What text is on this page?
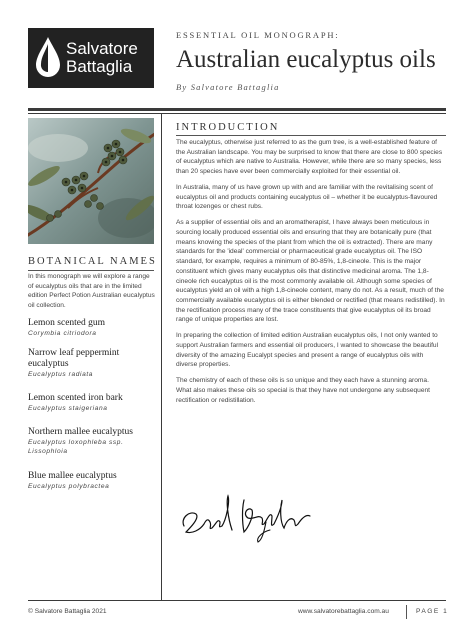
Salvatore
Battaglia
ESSENTIAL OIL MONOGRAPH:
Australian eucalyptus oils
By Salvatore Battaglia
BOTANICAL NAMES
In this monograph we will explore a range of eucalyptus oils that are in the limited edition Perfect Potion Australian eucalyptus oil collection.
Lemon scented gum
Corymbia citriodora
Narrow leaf peppermint eucalyptus
Eucalyptus radiata
Lemon scented iron bark
Eucalyptus staigeriana
Northern mallee eucalyptus
Eucalyptus loxophleba ssp. Lissophloia
Blue mallee eucalyptus
Eucalyptus polybractea
INTRODUCTION

The eucalyptus, otherwise just referred to as the gum tree, is a well-established feature of the Australian landscape. You may be surprised to know that there are close to 800 species of eucalyptus which are native to Australia. However, while there are so many species, less than 20 species have ever been commercially exploited for their essential oil.

In Australia, many of us have grown up with and are familiar with the revitalising scent of eucalyptus oil and products containing eucalyptus oil – whether it be eucalyptus-flavoured throat lozenges or chest rubs.

As a supplier of essential oils and an aromatherapist, I have always been meticulous in sourcing locally produced essential oils and ensuring that they are botanically pure (that means knowing the species of the plant from which the oil is extracted). There are many standards for the 'ideal' commercial or pharmaceutical grade eucalyptus oil. The ISO standard, for example, requires a minimum of 80-85%, 1,8-cineole. This is the major constituent which gives many eucalyptus oils that distinctive medicinal aroma. The 1,8-cineole rich eucalyptus oil is the most commonly available oil. Although some species of eucalyptus yield an oil with a high 1,8-cineole content, many do not. As a result, much of the commercially available eucalyptus oil is either blended or rectified (that means redistilled). In the rectification process many of the trace constituents that give eucalyptus oil its broad range of unique properties are lost.

In preparing the collection of limited edition Australian eucalyptus oils, I not only wanted to support Australian farmers and essential oil producers, I wanted to showcase the beautiful diversity of the amazing Eucalypt species and present a range of eucalyptus oils with diverse properties.

The chemistry of each of these oils is so unique and they each have a stunning aroma. What also makes these oils so special is that they have not undergone any subsequent rectification or redistillation.

© Salvatore Battaglia 2021	www.salvatorebattaglia.com.au	PAGE 1
